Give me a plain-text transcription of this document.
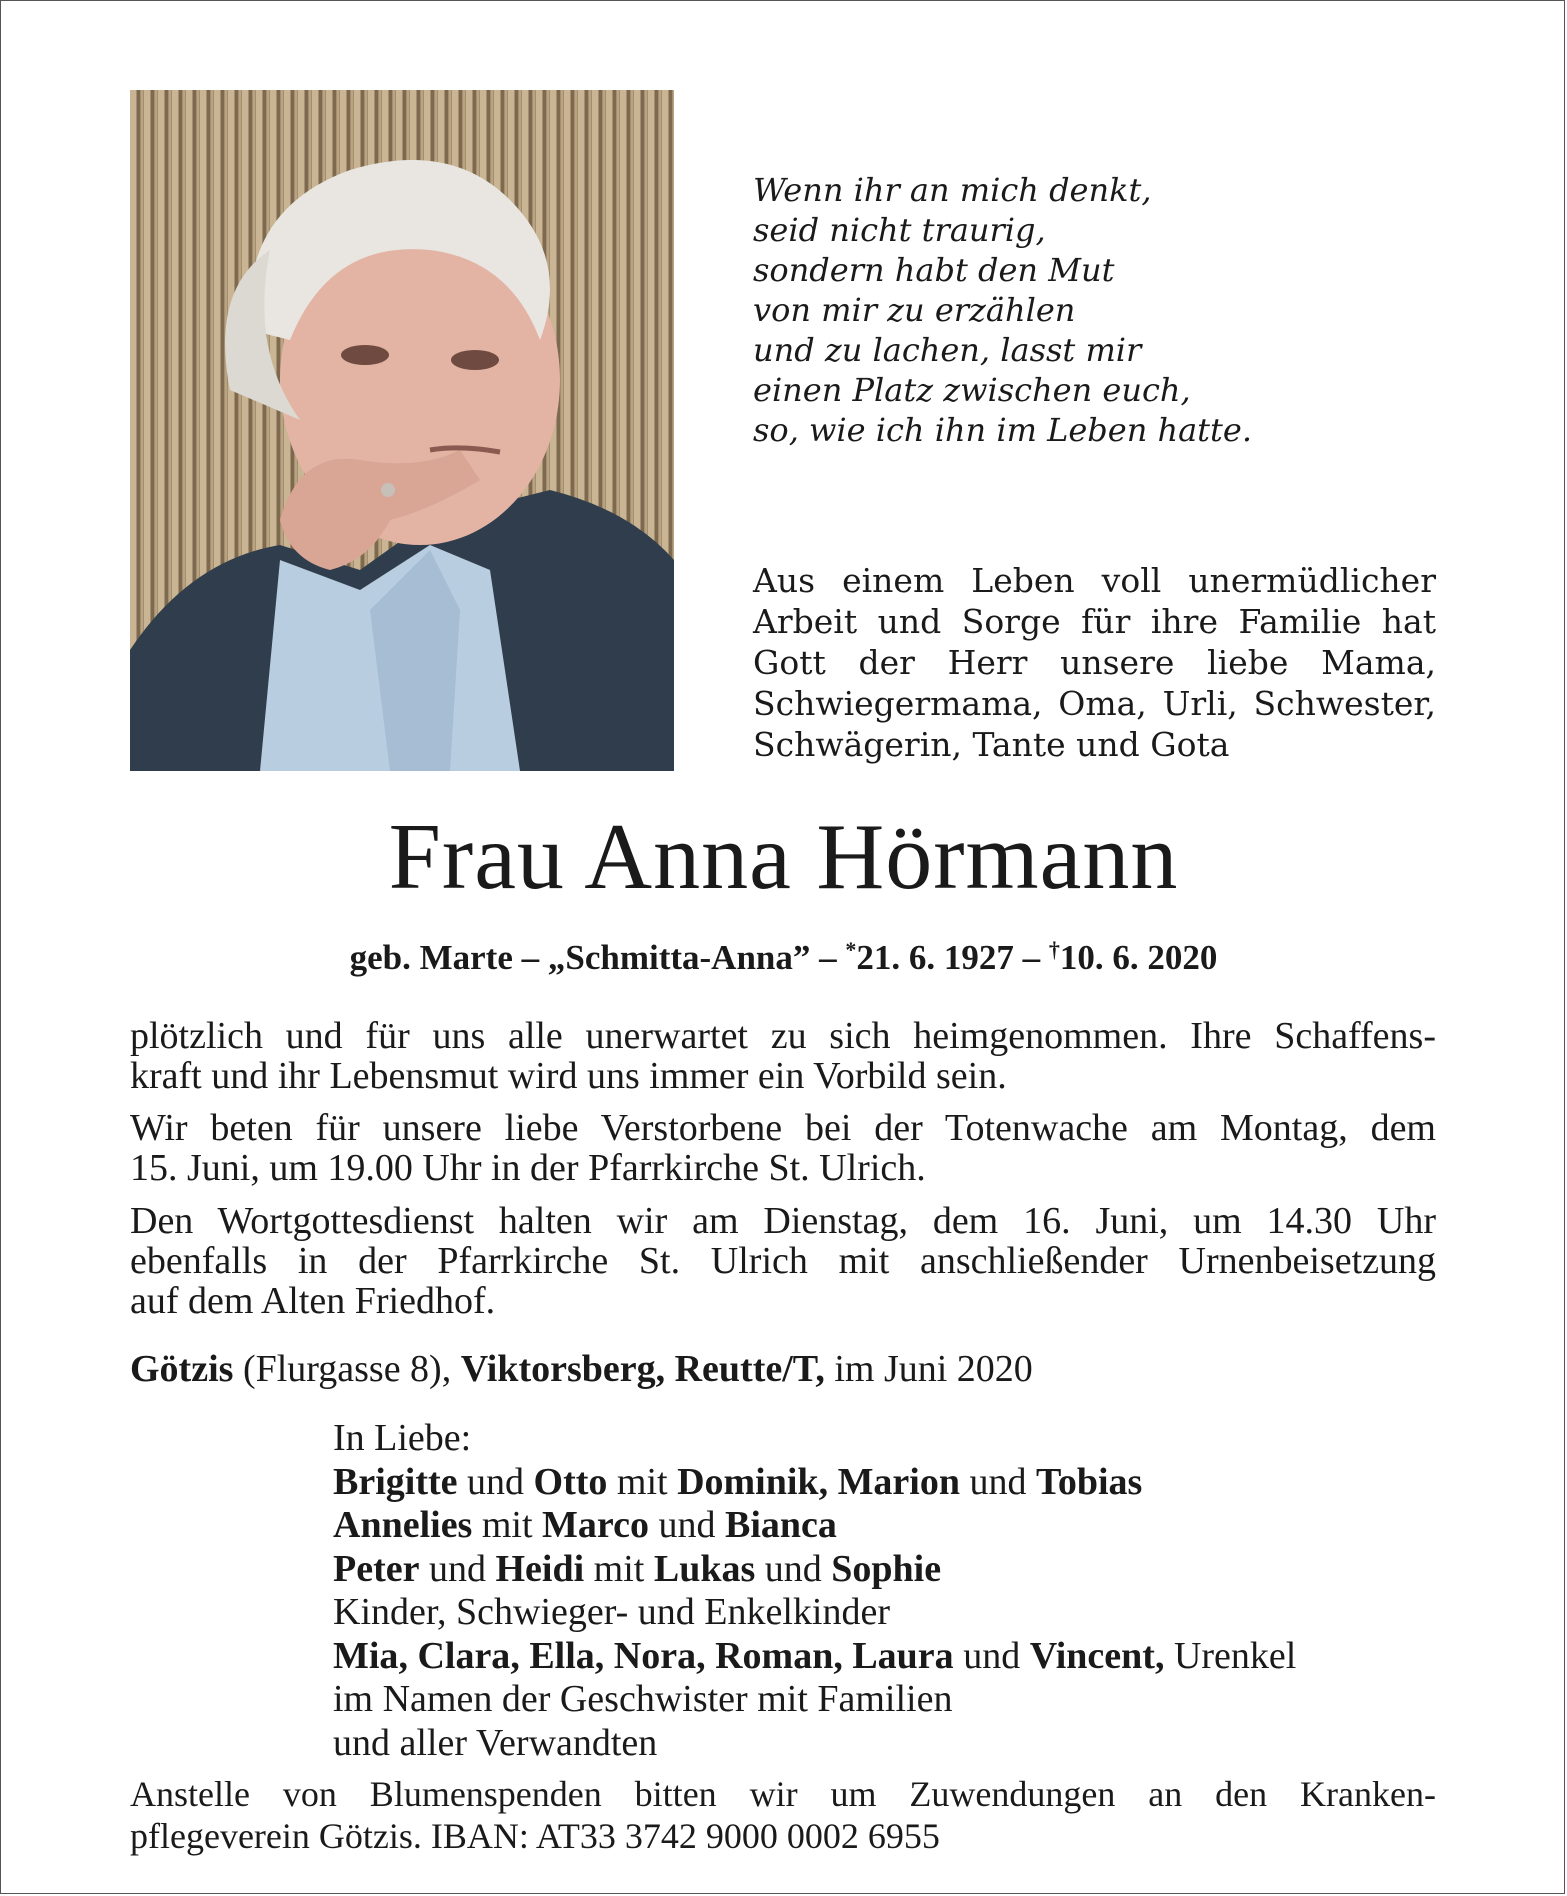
Wenn ihr an mich denkt,
seid nicht traurig,
sondern habt den Mut
von mir zu erzählen
und zu lachen, lasst mir
einen Platz zwischen euch,
so, wie ich ihn im Leben hatte.
Aus einem Leben voll unermüdlicher
Arbeit und Sorge für ihre Familie hat
Gott der Herr unsere liebe Mama,
Schwiegermama, Oma, Urli, Schwester,
Schwägerin, Tante und Gota
Frau Anna Hörmann
geb. Marte – „Schmitta-Anna” – *21. 6. 1927 – †10. 6. 2020
plötzlich und für uns alle unerwartet zu sich heimgenommen. Ihre Schaffens-
kraft und ihr Lebensmut wird uns immer ein Vorbild sein.
Wir beten für unsere liebe Verstorbene bei der Totenwache am Montag, dem
15. Juni, um 19.00 Uhr in der Pfarrkirche St. Ulrich.
Den Wortgottesdienst halten wir am Dienstag, dem 16. Juni, um 14.30 Uhr
ebenfalls in der Pfarrkirche St. Ulrich mit anschließender Urnenbeisetzung
auf dem Alten Friedhof.
Götzis (Flurgasse 8), Viktorsberg, Reutte/T, im Juni 2020
In Liebe:
Brigitte und Otto mit Dominik, Marion und Tobias
Annelies mit Marco und Bianca
Peter und Heidi mit Lukas und Sophie
Kinder, Schwieger- und Enkelkinder
Mia, Clara, Ella, Nora, Roman, Laura und Vincent, Urenkel
im Namen der Geschwister mit Familien
und aller Verwandten
Anstelle von Blumenspenden bitten wir um Zuwendungen an den Kranken-
pflegeverein Götzis. IBAN: AT33 3742 9000 0002 6955
